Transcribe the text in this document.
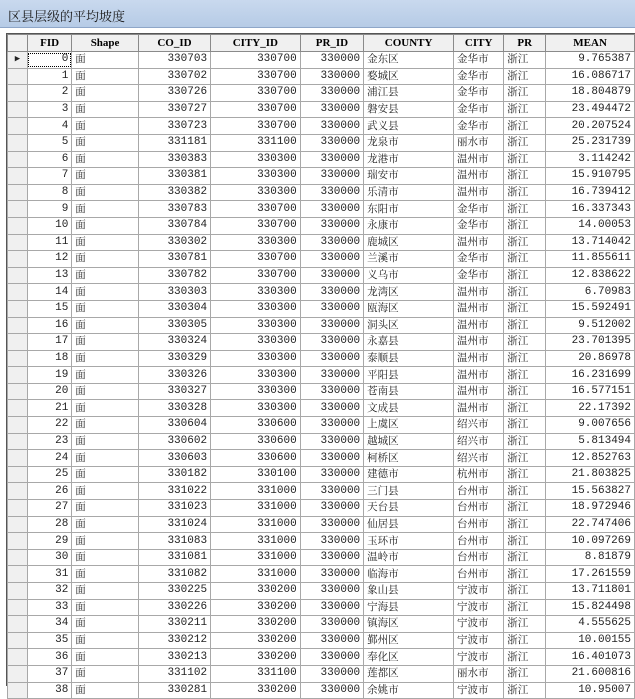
区县层级的平均坡度
	FID	Shape	CO_ID	CITY_ID	PR_ID	COUNTY	CITY	PR	MEAN
▶	0	面	330703	330700	330000	金东区	金华市	浙江	9.765387
	1	面	330702	330700	330000	婺城区	金华市	浙江	16.086717
	2	面	330726	330700	330000	浦江县	金华市	浙江	18.804879
	3	面	330727	330700	330000	磐安县	金华市	浙江	23.494472
	4	面	330723	330700	330000	武义县	金华市	浙江	20.207524
	5	面	331181	331100	330000	龙泉市	丽水市	浙江	25.231739
	6	面	330383	330300	330000	龙港市	温州市	浙江	3.114242
	7	面	330381	330300	330000	瑞安市	温州市	浙江	15.910795
	8	面	330382	330300	330000	乐清市	温州市	浙江	16.739412
	9	面	330783	330700	330000	东阳市	金华市	浙江	16.337343
	10	面	330784	330700	330000	永康市	金华市	浙江	14.00053
	11	面	330302	330300	330000	鹿城区	温州市	浙江	13.714042
	12	面	330781	330700	330000	兰溪市	金华市	浙江	11.855611
	13	面	330782	330700	330000	义乌市	金华市	浙江	12.838622
	14	面	330303	330300	330000	龙湾区	温州市	浙江	6.70983
	15	面	330304	330300	330000	瓯海区	温州市	浙江	15.592491
	16	面	330305	330300	330000	洞头区	温州市	浙江	9.512002
	17	面	330324	330300	330000	永嘉县	温州市	浙江	23.701395
	18	面	330329	330300	330000	泰顺县	温州市	浙江	20.86978
	19	面	330326	330300	330000	平阳县	温州市	浙江	16.231699
	20	面	330327	330300	330000	苍南县	温州市	浙江	16.577151
	21	面	330328	330300	330000	文成县	温州市	浙江	22.17392
	22	面	330604	330600	330000	上虞区	绍兴市	浙江	9.007656
	23	面	330602	330600	330000	越城区	绍兴市	浙江	5.813494
	24	面	330603	330600	330000	柯桥区	绍兴市	浙江	12.852763
	25	面	330182	330100	330000	建德市	杭州市	浙江	21.803825
	26	面	331022	331000	330000	三门县	台州市	浙江	15.563827
	27	面	331023	331000	330000	天台县	台州市	浙江	18.972946
	28	面	331024	331000	330000	仙居县	台州市	浙江	22.747406
	29	面	331083	331000	330000	玉环市	台州市	浙江	10.097269
	30	面	331081	331000	330000	温岭市	台州市	浙江	8.81879
	31	面	331082	331000	330000	临海市	台州市	浙江	17.261559
	32	面	330225	330200	330000	象山县	宁波市	浙江	13.711801
	33	面	330226	330200	330000	宁海县	宁波市	浙江	15.824498
	34	面	330211	330200	330000	镇海区	宁波市	浙江	4.555625
	35	面	330212	330200	330000	鄞州区	宁波市	浙江	10.00155
	36	面	330213	330200	330000	奉化区	宁波市	浙江	16.401073
	37	面	331102	331100	330000	莲都区	丽水市	浙江	21.600816
	38	面	330281	330200	330000	余姚市	宁波市	浙江	10.95007
